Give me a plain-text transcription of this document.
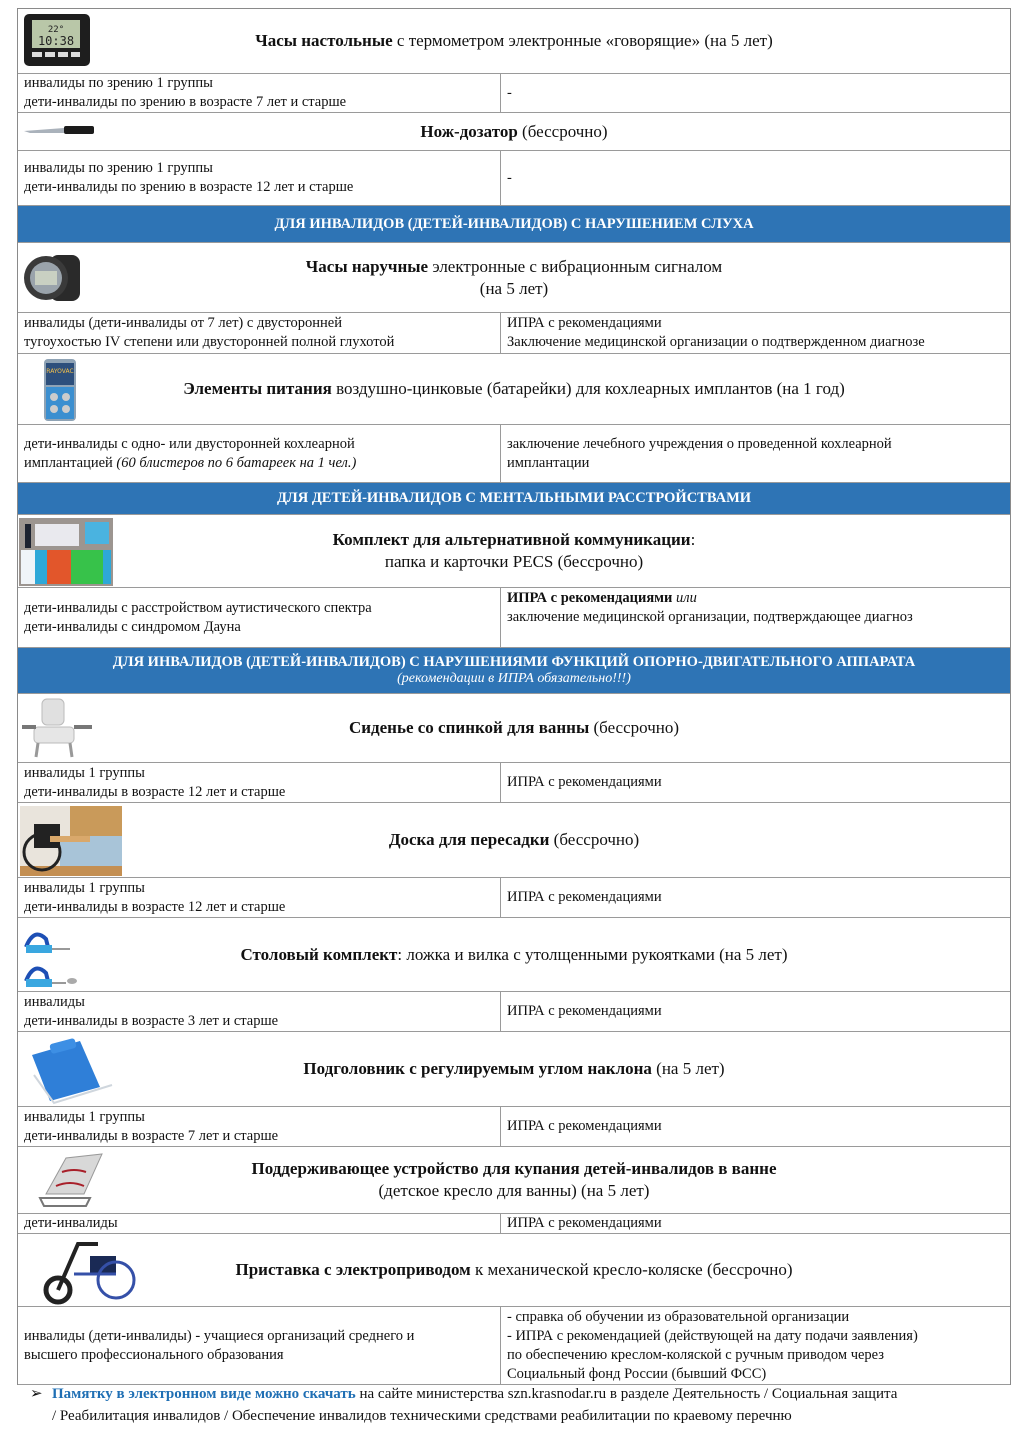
22°
10:38	Часы настольные с термометром электронные «говорящие» (на 5 лет)
инвалиды по зрению 1 группы
дети-инвалиды по зрению в возрасте 7 лет и старше
-
Нож-дозатор (бессрочно)
инвалиды по зрению 1 группы
дети-инвалиды по зрению в возрасте 12 лет и старше
-
ДЛЯ ИНВАЛИДОВ (ДЕТЕЙ-ИНВАЛИДОВ) С НАРУШЕНИЕМ СЛУХА
Часы наручные электронные с вибрационным сигналом
(на 5 лет)
инвалиды (дети-инвалиды от 7 лет) с двусторонней
тугоухостью IV степени или двусторонней полной глухотой
ИПРА с рекомендациями
Заключение медицинской организации о подтвержденном диагнозе
RAYOVAC
Элементы питания воздушно-цинковые (батарейки) для кохлеарных имплантов (на 1 год)
дети-инвалиды с одно- или двусторонней кохлеарной
имплантацией (60 блистеров по 6 батареек на 1 чел.)
заключение лечебного учреждения о проведенной кохлеарной
имплантации
ДЛЯ ДЕТЕЙ-ИНВАЛИДОВ С МЕНТАЛЬНЫМИ РАССТРОЙСТВАМИ
Комплект для альтернативной коммуникации:
папка и карточки PECS (бессрочно)
дети-инвалиды с расстройством аутистического спектра
дети-инвалиды с синдромом Дауна
ИПРА с рекомендациями или
заключение медицинской организации, подтверждающее диагноз
ДЛЯ ИНВАЛИДОВ (ДЕТЕЙ-ИНВАЛИДОВ) С НАРУШЕНИЯМИ ФУНКЦИЙ ОПОРНО-ДВИГАТЕЛЬНОГО АППАРАТА
(рекомендации в ИПРА обязательно!!!)
Сиденье со спинкой для ванны (бессрочно)
инвалиды 1 группы
дети-инвалиды в возрасте 12 лет и старше
ИПРА с рекомендациями
Доска для пересадки (бессрочно)
инвалиды 1 группы
дети-инвалиды в возрасте 12 лет и старше
ИПРА с рекомендациями
Столовый комплект: ложка и вилка с утолщенными рукоятками (на 5 лет)
инвалиды
дети-инвалиды в возрасте 3 лет и старше
ИПРА с рекомендациями
Подголовник с регулируемым углом наклона (на 5 лет)
инвалиды 1 группы
дети-инвалиды в возрасте 7 лет и старше
ИПРА с рекомендациями
Поддерживающее устройство для купания детей-инвалидов в ванне
(детское кресло для ванны) (на 5 лет)
дети-инвалиды	ИПРА с рекомендациями
Приставка с электроприводом к механической кресло-коляске (бессрочно)
инвалиды (дети-инвалиды) - учащиеся организаций среднего и
высшего профессионального образования
- справка об обучении из образовательной организации
- ИПРА с рекомендацией (действующей на дату подачи заявления)
по обеспечению креслом-коляской с ручным приводом через
Социальный фонд России (бывший ФСС)
➢ Памятку в электронном виде можно скачать на сайте министерства szn.krasnodar.ru в разделе Деятельность / Социальная защита
/ Реабилитация инвалидов / Обеспечение инвалидов техническими средствами реабилитации по краевому перечню
